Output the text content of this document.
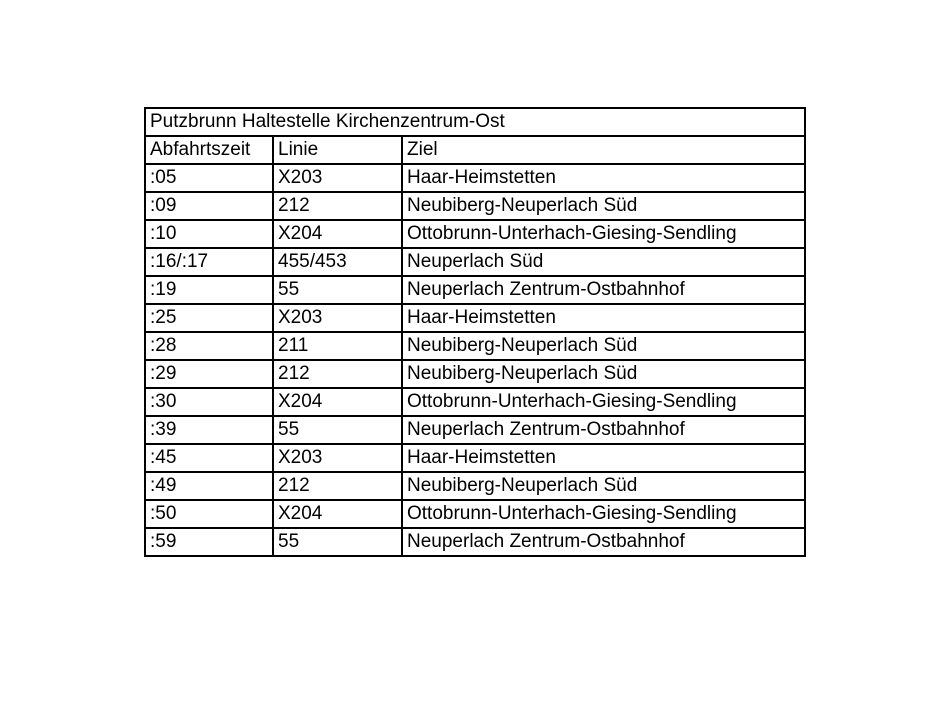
Putzbrunn Haltestelle Kirchenzentrum-Ost		
Abfahrtszeit	Linie	Ziel
:05	X203	Haar-Heimstetten
:09	212	Neubiberg-Neuperlach Süd
:10	X204	Ottobrunn-Unterhach-Giesing-Sendling
:16/:17	455/453	Neuperlach Süd
:19	55	Neuperlach Zentrum-Ostbahnhof
:25	X203	Haar-Heimstetten
:28	211	Neubiberg-Neuperlach Süd
:29	212	Neubiberg-Neuperlach Süd
:30	X204	Ottobrunn-Unterhach-Giesing-Sendling
:39	55	Neuperlach Zentrum-Ostbahnhof
:45	X203	Haar-Heimstetten
:49	212	Neubiberg-Neuperlach Süd
:50	X204	Ottobrunn-Unterhach-Giesing-Sendling
:59	55	Neuperlach Zentrum-Ostbahnhof
